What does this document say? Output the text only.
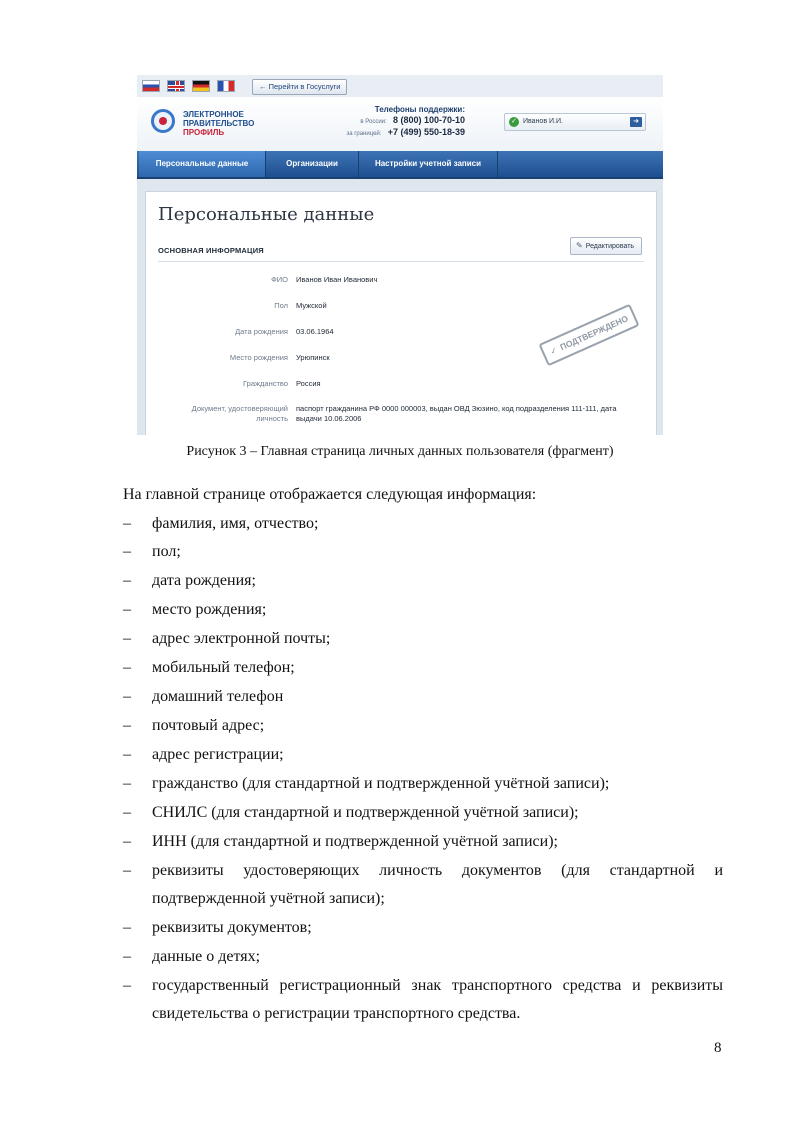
← Перейти в Госуслуги
ЭЛЕКТРОННОЕ
ПРАВИТЕЛЬСТВО
ПРОФИЛЬ
Телефоны поддержки:
в России: 8 (800) 100-70-10
за границей: +7 (499) 550-18-39
✓ Иванов И.И.	➜
Персональные данные	Организации	Настройки учетной записи
Персональные данные
ОСНОВНАЯ ИНФОРМАЦИЯ
✎ Редактировать
ФИО Иванов Иван Иванович
Пол Мужской
Дата рождения 03.06.1964
Место рождения Урюпинск
Гражданство Россия
Документ, удостоверяющий
личность
паспорт гражданина РФ 0000 000003, выдан ОВД Зюзино, код подразделения 111-111, дата
выдачи 10.06.2006
✓ПОДТВЕРЖДЕНО
Рисунок 3 – Главная страница личных данных пользователя (фрагмент)
На главной странице отображается следующая информация:
–	фамилия, имя, отчество;
–	пол;
–	дата рождения;
–	место рождения;
–	адрес электронной почты;
–	мобильный телефон;
–	домашний телефон
–	почтовый адрес;
–	адрес регистрации;
–	гражданство (для стандартной и подтвержденной учётной записи);
–	СНИЛС (для стандартной и подтвержденной учётной записи);
–	ИНН (для стандартной и подтвержденной учётной записи);
–	реквизиты удостоверяющих личность документов (для стандартной и
подтвержденной учётной записи);
–	реквизиты документов;
–	данные о детях;
–	государственный регистрационный знак транспортного средства и реквизиты
свидетельства о регистрации транспортного средства.
8
